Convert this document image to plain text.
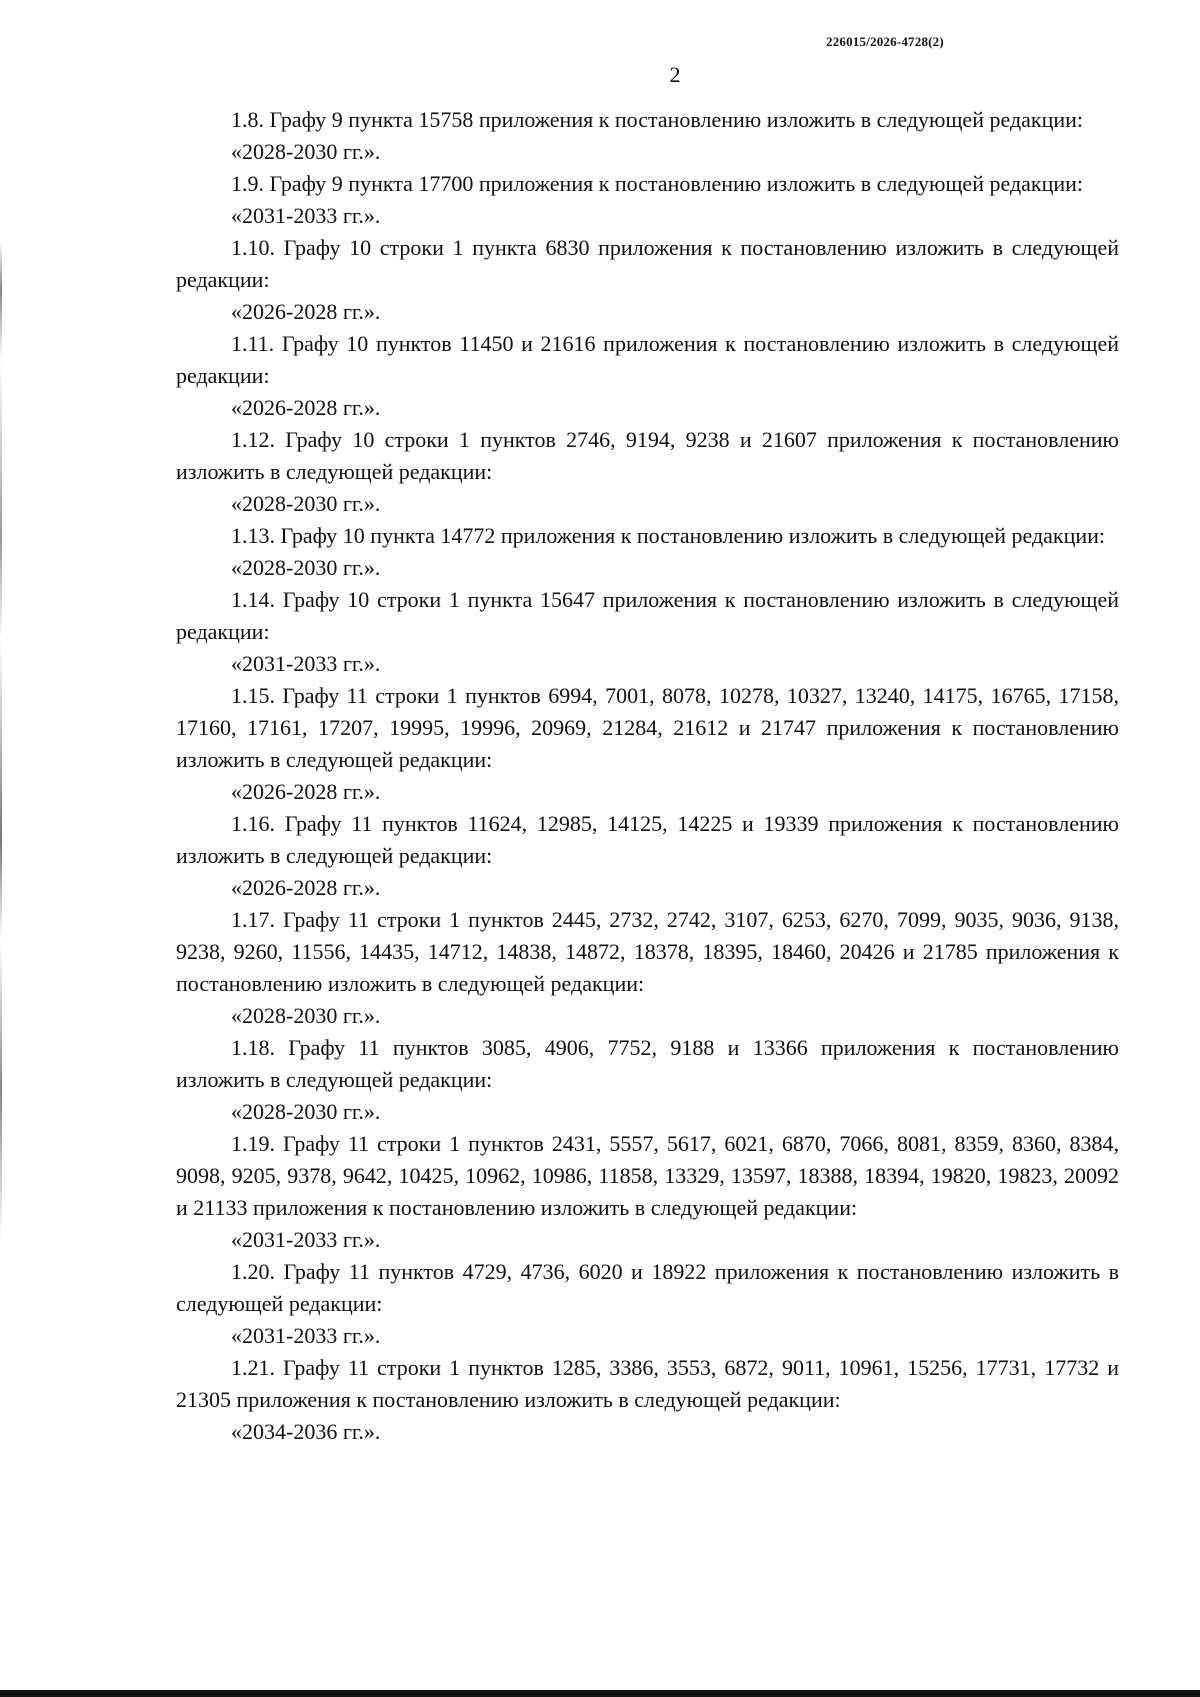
226015/2026-4728(2)
2

1.8. Графу 9 пункта 15758 приложения к постановлению изложить в следующей редакции:

«2028-2030 гг.».

1.9. Графу 9 пункта 17700 приложения к постановлению изложить в следующей редакции:

«2031-2033 гг.».

1.10. Графу 10 строки 1 пункта 6830 приложения к постановлению изложить в следующей редакции:

«2026-2028 гг.».

1.11. Графу 10 пунктов 11450 и 21616 приложения к постановлению изложить в следующей редакции:

«2026-2028 гг.».

1.12. Графу 10 строки 1 пунктов 2746, 9194, 9238 и 21607 приложения к постановлению изложить в следующей редакции:

«2028-2030 гг.».

1.13. Графу 10 пункта 14772 приложения к постановлению изложить в следующей редакции:

«2028-2030 гг.».

1.14. Графу 10 строки 1 пункта 15647 приложения к постановлению изложить в следующей редакции:

«2031-2033 гг.».

1.15. Графу 11 строки 1 пунктов 6994, 7001, 8078, 10278, 10327, 13240, 14175, 16765, 17158, 17160, 17161, 17207, 19995, 19996, 20969, 21284, 21612 и 21747 приложения к постановлению изложить в следующей редакции:

«2026-2028 гг.».

1.16. Графу 11 пунктов 11624, 12985, 14125, 14225 и 19339 приложения к постановлению изложить в следующей редакции:

«2026-2028 гг.».

1.17. Графу 11 строки 1 пунктов 2445, 2732, 2742, 3107, 6253, 6270, 7099, 9035, 9036, 9138, 9238, 9260, 11556, 14435, 14712, 14838, 14872, 18378, 18395, 18460, 20426 и 21785 приложения к постановлению изложить в следующей редакции:

«2028-2030 гг.».

1.18. Графу 11 пунктов 3085, 4906, 7752, 9188 и 13366 приложения к постановлению изложить в следующей редакции:

«2028-2030 гг.».

1.19. Графу 11 строки 1 пунктов 2431, 5557, 5617, 6021, 6870, 7066, 8081, 8359, 8360, 8384, 9098, 9205, 9378, 9642, 10425, 10962, 10986, 11858, 13329, 13597, 18388, 18394, 19820, 19823, 20092 и 21133 приложения к постановлению изложить в следующей редакции:

«2031-2033 гг.».

1.20. Графу 11 пунктов 4729, 4736, 6020 и 18922 приложения к постановлению изложить в следующей редакции:

«2031-2033 гг.».

1.21. Графу 11 строки 1 пунктов 1285, 3386, 3553, 6872, 9011, 10961, 15256, 17731, 17732 и 21305 приложения к постановлению изложить в следующей редакции:

«2034-2036 гг.».
